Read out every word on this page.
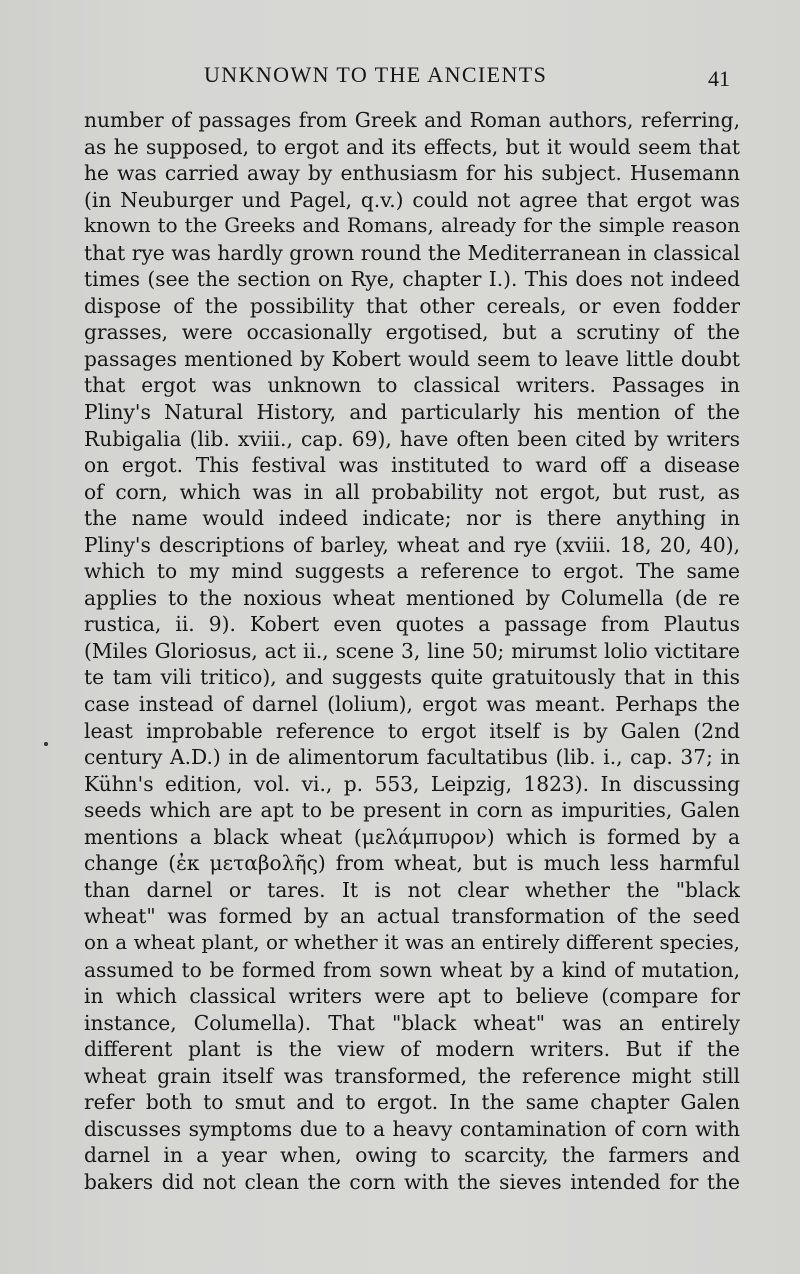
UNKNOWN TO THE ANCIENTS	41
number of passages from Greek and Roman authors, referring,
as he supposed, to ergot and its effects, but it would seem that
he was carried away by enthusiasm for his subject. Husemann
(in Neuburger und Pagel, q.v.) could not agree that ergot was
known to the Greeks and Romans, already for the simple reason
that rye was hardly grown round the Mediterranean in classical
times (see the section on Rye, chapter I.). This does not indeed
dispose of the possibility that other cereals, or even fodder
grasses, were occasionally ergotised, but a scrutiny of the
passages mentioned by Kobert would seem to leave little doubt
that ergot was unknown to classical writers. Passages in
Pliny's Natural History, and particularly his mention of the
Rubigalia (lib. xviii., cap. 69), have often been cited by writers
on ergot. This festival was instituted to ward off a disease
of corn, which was in all probability not ergot, but rust, as
the name would indeed indicate; nor is there anything in
Pliny's descriptions of barley, wheat and rye (xviii. 18, 20, 40),
which to my mind suggests a reference to ergot. The same
applies to the noxious wheat mentioned by Columella (de re
rustica, ii. 9). Kobert even quotes a passage from Plautus
(Miles Gloriosus, act ii., scene 3, line 50; mirumst lolio victitare
te tam vili tritico), and suggests quite gratuitously that in this
case instead of darnel (lolium), ergot was meant. Perhaps the
least improbable reference to ergot itself is by Galen (2nd
century A.D.) in de alimentorum facultatibus (lib. i., cap. 37; in
Kühn's edition, vol. vi., p. 553, Leipzig, 1823). In discussing
seeds which are apt to be present in corn as impurities, Galen
mentions a black wheat (μελάμπυρον) which is formed by a
change (ἐκ μεταβολῆς) from wheat, but is much less harmful
than darnel or tares. It is not clear whether the "black
wheat" was formed by an actual transformation of the seed
on a wheat plant, or whether it was an entirely different species,
assumed to be formed from sown wheat by a kind of mutation,
in which classical writers were apt to believe (compare for
instance, Columella). That "black wheat" was an entirely
different plant is the view of modern writers. But if the
wheat grain itself was transformed, the reference might still
refer both to smut and to ergot. In the same chapter Galen
discusses symptoms due to a heavy contamination of corn with
darnel in a year when, owing to scarcity, the farmers and
bakers did not clean the corn with the sieves intended for the
